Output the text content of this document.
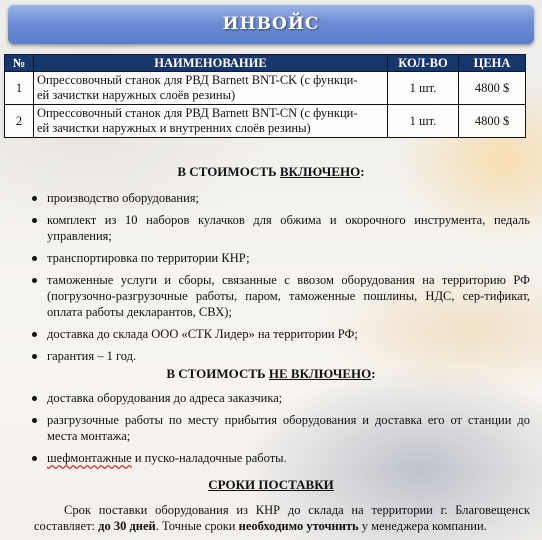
ИНВОЙС
№	НАИМЕНОВАНИЕ	КОЛ-ВО	ЦЕНА
1	Опрессовочный станок для РВД Barnett BNT-CK (с функци-
ей зачистки наружных слоёв резины)	1 шт.	4800 $
2	Опрессовочный станок для РВД Barnett BNT-CN (с функци-
ей зачистки наружных и внутренних слоёв резины)	1 шт.	4800 $
В СТОИМОСТЬ ВКЛЮЧЕНО:
производство оборудования;
комплект из 10 наборов кулачков для обжима и окорочного инструмента, педаль управления;
транспортировка по территории КНР;
таможенные услуги и сборы, связанные с ввозом оборудования на территорию РФ (погрузочно-разгрузочные работы, паром, таможенные пошлины, НДС, сер-тификат, оплата работы декларантов, СВХ);
доставка до склада ООО «СТК Лидер» на территории РФ;
гарантия – 1 год.
В СТОИМОСТЬ НЕ ВКЛЮЧЕНО:
доставка оборудования до адреса заказчика;
разгрузочные работы по месту прибытия оборудования и доставка его от станции до места монтажа;
шефмонтажные и пуско-наладочные работы.
СРОКИ ПОСТАВКИ

Срок поставки оборудования из КНР до склада на территории г. Благовещенск составляет: до 30 дней. Точные сроки необходимо уточнить у менеджера компании.
